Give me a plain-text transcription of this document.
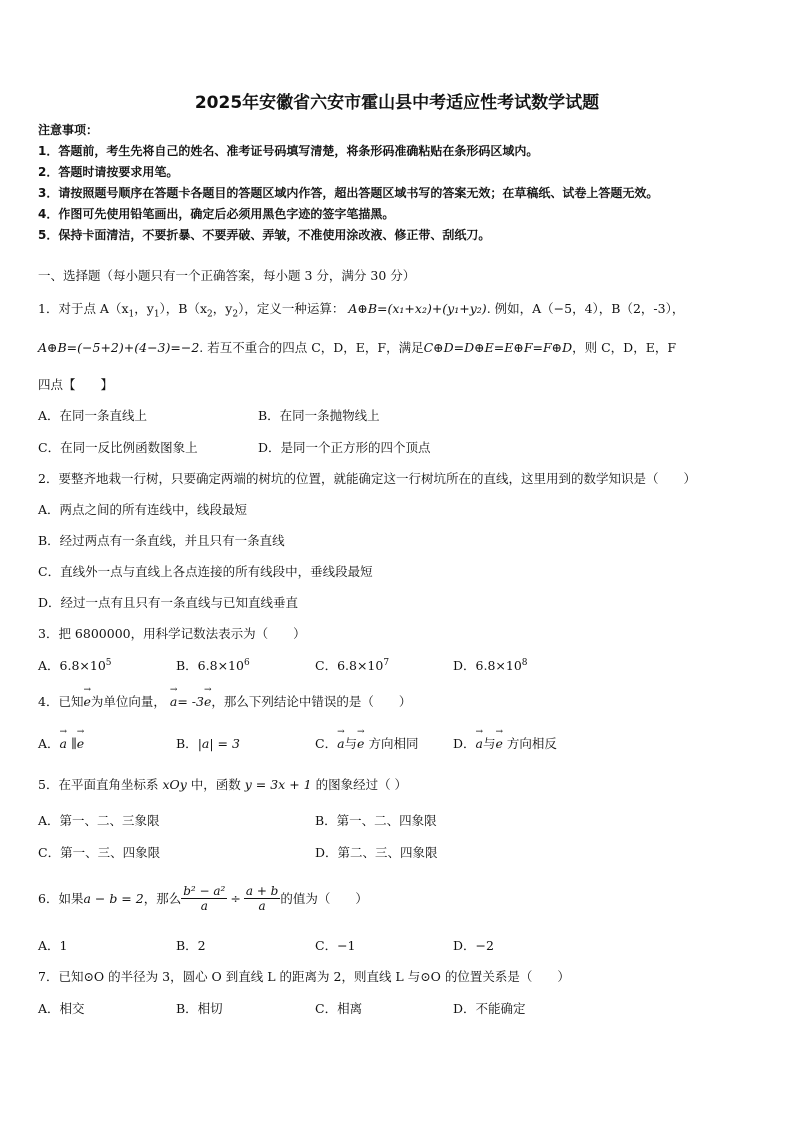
2025年安徽省六安市霍山县中考适应性考试数学试题
注意事项：
1．答题前，考生先将自己的姓名、准考证号码填写清楚，将条形码准确粘贴在条形码区域内。
2．答题时请按要求用笔。
3．请按照题号顺序在答题卡各题目的答题区域内作答，超出答题区域书写的答案无效；在草稿纸、试卷上答题无效。
4．作图可先使用铅笔画出，确定后必须用黑色字迹的签字笔描黑。
5．保持卡面清洁，不要折暴、不要弄破、弄皱，不准使用涂改液、修正带、刮纸刀。
一、选择题（每小题只有一个正确答案，每小题 3 分，满分 30 分）
1．对于点 $A(x_1$，$y_1$），$B(x_2$，$y_2$），定义一种运算： A⊕B=(x₁+x₂)+(y₁+y₂). 例如，A（−5，4），B（2，-3），
A⊕B=(−5+2)+(4−3)=−2. 若互不重合的四点 C，D，E，F，满足C⊕D=D⊕E=E⊕F=F⊕D，则 C，D，E，F
四点【　　】
A．在同一条直线上	B．在同一条抛物线上
C．在同一反比例函数图象上	D．是同一个正方形的四个顶点
2．要整齐地栽一行树，只要确定两端的树坑的位置，就能确定这一行树坑所在的直线，这里用到的数学知识是（　　）
A．两点之间的所有连线中，线段最短
B．经过两点有一条直线，并且只有一条直线
C．直线外一点与直线上各点连接的所有线段中，垂线段最短
D．经过一点有且只有一条直线与已知直线垂直
3．把 6800000，用科学记数法表示为（　　）
A．$6.8\times 10^5$	B．$6.8\times 10^6$	C．$6.8\times 10^7$	D．$6.8\times 10^8$
4．已知→ e为单位向量， → a= -3→ e，那么下列结论中错误的是（　　）
A．→ a ∥→ e	B．|a| = 3	C．→ a与→ e 方向相同	D．→ a与→ e 方向相反
5．在平面直角坐标系 xOy 中，函数 y = 3x + 1 的图象经过（ ）
A．第一、二、三象限	B．第一、二、四象限
C．第一、三、四象限	D．第二、三、四象限
6．如果 a − b = 2 ，那么 $\frac{\text{b² − a²}}{a} \div \frac{a + b}{a}$ 的值为（　　）
A．1	B．2	C．−1	D．−2
7．已知⊙O 的半径为 3，圆心 O 到直线 L 的距离为 2，则直线 L 与⊙O 的位置关系是（　　）
A．相交	B．相切	C．相离	D．不能确定
